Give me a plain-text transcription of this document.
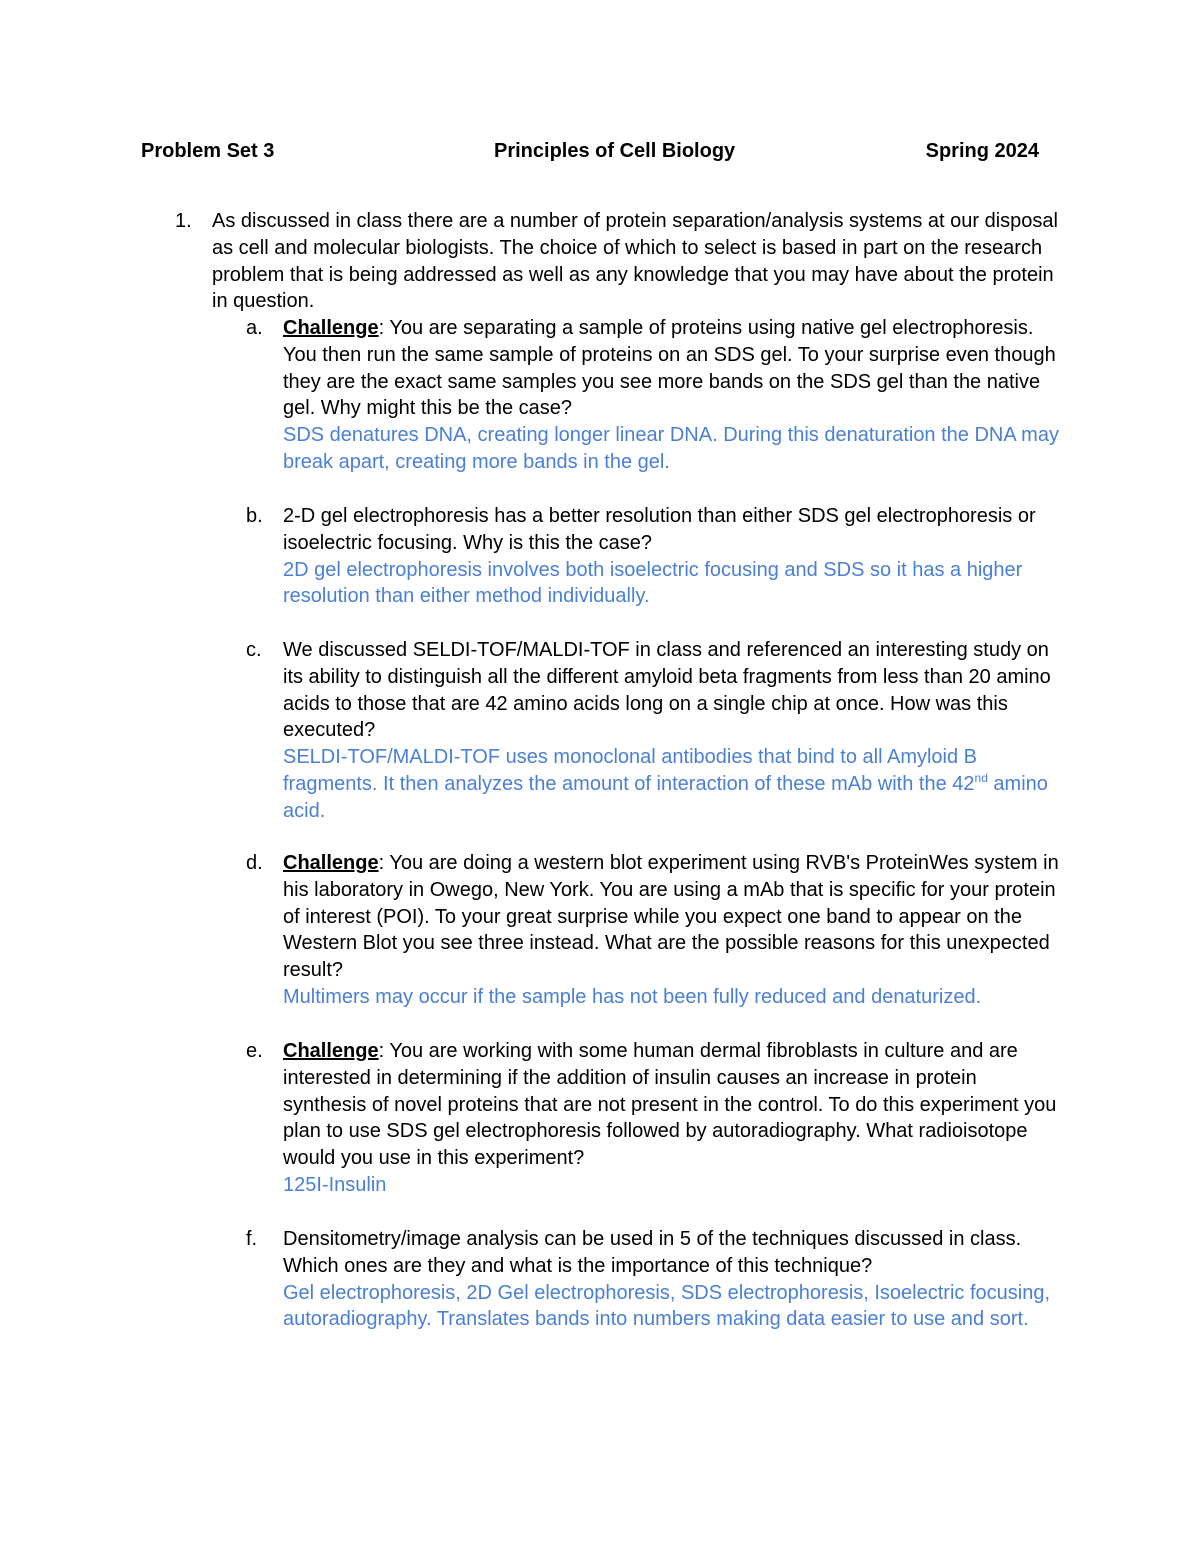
Problem Set 3	Principles of Cell Biology	Spring 2024
1. As discussed in class there are a number of protein separation/analysis systems at our disposal as cell and molecular biologists. The choice of which to select is based in part on the research problem that is being addressed as well as any knowledge that you may have about the protein in question.
a. Challenge: You are separating a sample of proteins using native gel electrophoresis. You then run the same sample of proteins on an SDS gel. To your surprise even though they are the exact same samples you see more bands on the SDS gel than the native gel. Why might this be the case?
SDS denatures DNA, creating longer linear DNA. During this denaturation the DNA may break apart, creating more bands in the gel.
b. 2-D gel electrophoresis has a better resolution than either SDS gel electrophoresis or isoelectric focusing. Why is this the case?
2D gel electrophoresis involves both isoelectric focusing and SDS so it has a higher resolution than either method individually.
c. We discussed SELDI-TOF/MALDI-TOF in class and referenced an interesting study on its ability to distinguish all the different amyloid beta fragments from less than 20 amino acids to those that are 42 amino acids long on a single chip at once. How was this executed?
SELDI-TOF/MALDI-TOF uses monoclonal antibodies that bind to all Amyloid B fragments. It then analyzes the amount of interaction of these mAb with the 42nd amino acid.
d. Challenge: You are doing a western blot experiment using RVB's ProteinWes system in his laboratory in Owego, New York. You are using a mAb that is specific for your protein of interest (POI). To your great surprise while you expect one band to appear on the Western Blot you see three instead. What are the possible reasons for this unexpected result?
Multimers may occur if the sample has not been fully reduced and denaturized.
e. Challenge: You are working with some human dermal fibroblasts in culture and are interested in determining if the addition of insulin causes an increase in protein synthesis of novel proteins that are not present in the control. To do this experiment you plan to use SDS gel electrophoresis followed by autoradiography. What radioisotope would you use in this experiment?
125I-Insulin
f. Densitometry/image analysis can be used in 5 of the techniques discussed in class. Which ones are they and what is the importance of this technique?
Gel electrophoresis, 2D Gel electrophoresis, SDS electrophoresis, Isoelectric focusing, autoradiography. Translates bands into numbers making data easier to use and sort.
